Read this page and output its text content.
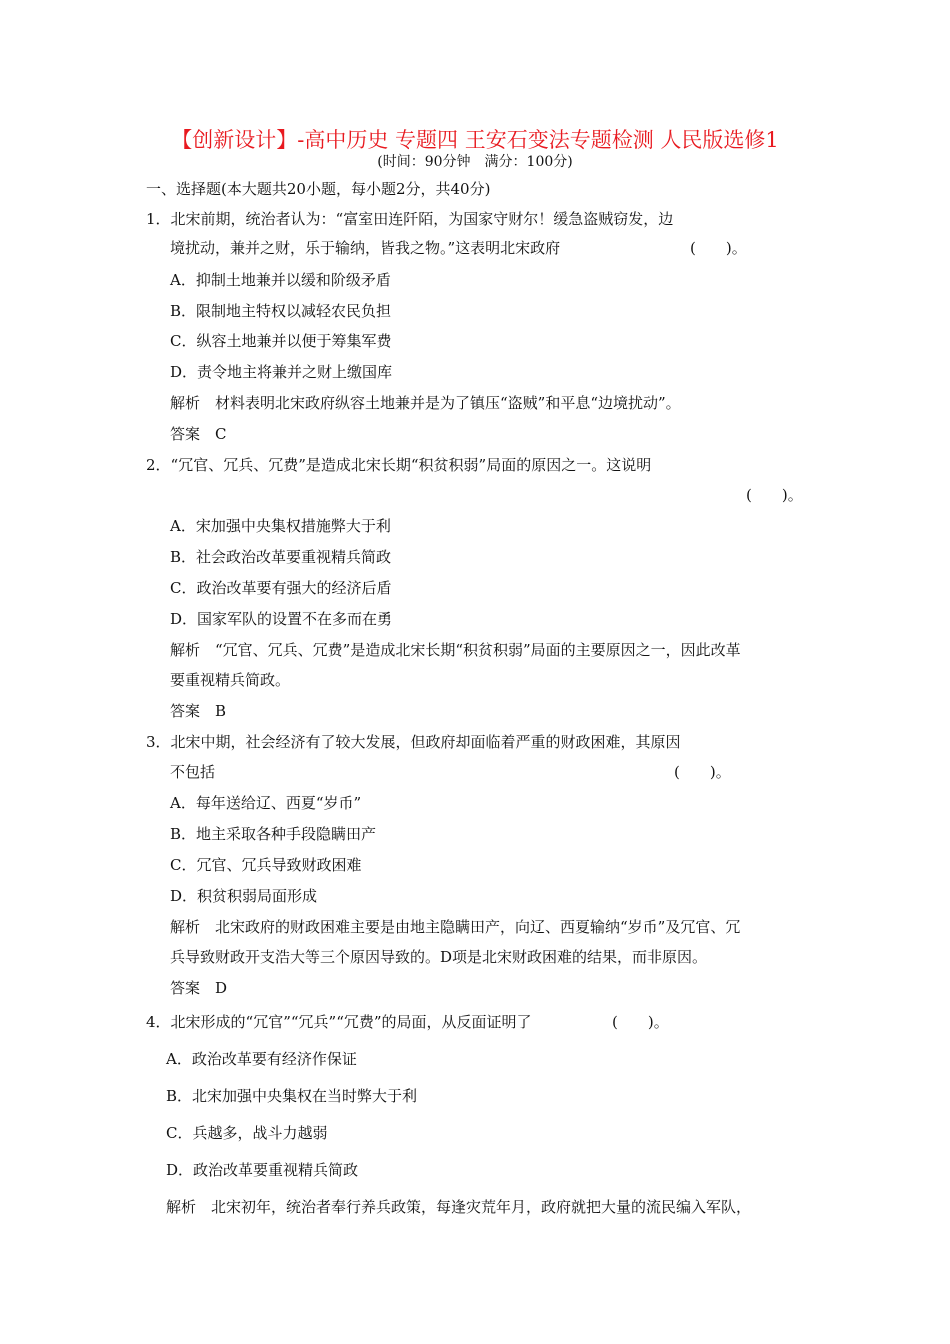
【创新设计】-高中历史 专题四 王安石变法专题检测 人民版选修1
(时间：90分钟　满分：100分)
一、选择题(本大题共20小题，每小题2分，共40分)
1．北宋前期，统治者认为：“富室田连阡陌，为国家守财尔！缓急盗贼窃发，边
境扰动，兼并之财，乐于输纳，皆我之物。”这表明北宋政府	(　　)。
A．抑制土地兼并以缓和阶级矛盾
B．限制地主特权以减轻农民负担
C．纵容土地兼并以便于筹集军费
D．责令地主将兼并之财上缴国库
解析　材料表明北宋政府纵容土地兼并是为了镇压“盗贼”和平息“边境扰动”。
答案　C
2．“冗官、冗兵、冗费”是造成北宋长期“积贫积弱”局面的原因之一。这说明
(　　)。
A．宋加强中央集权措施弊大于利
B．社会政治改革要重视精兵简政
C．政治改革要有强大的经济后盾
D．国家军队的设置不在多而在勇
解析　“冗官、冗兵、冗费”是造成北宋长期“积贫积弱”局面的主要原因之一，因此改革
要重视精兵简政。
答案　B
3．北宋中期，社会经济有了较大发展，但政府却面临着严重的财政困难，其原因
不包括	(　　)。
A．每年送给辽、西夏“岁币”
B．地主采取各种手段隐瞒田产
C．冗官、冗兵导致财政困难
D．积贫积弱局面形成
解析　北宋政府的财政困难主要是由地主隐瞒田产，向辽、西夏输纳“岁币”及冗官、冗
兵导致财政开支浩大等三个原因导致的。D项是北宋财政困难的结果，而非原因。
答案　D
4．北宋形成的“冗官”“冗兵”“冗费”的局面，从反面证明了	(　　)。
A．政治改革要有经济作保证
B．北宋加强中央集权在当时弊大于利
C．兵越多，战斗力越弱
D．政治改革要重视精兵简政
解析　北宋初年，统治者奉行养兵政策，每逢灾荒年月，政府就把大量的流民编入军队，
